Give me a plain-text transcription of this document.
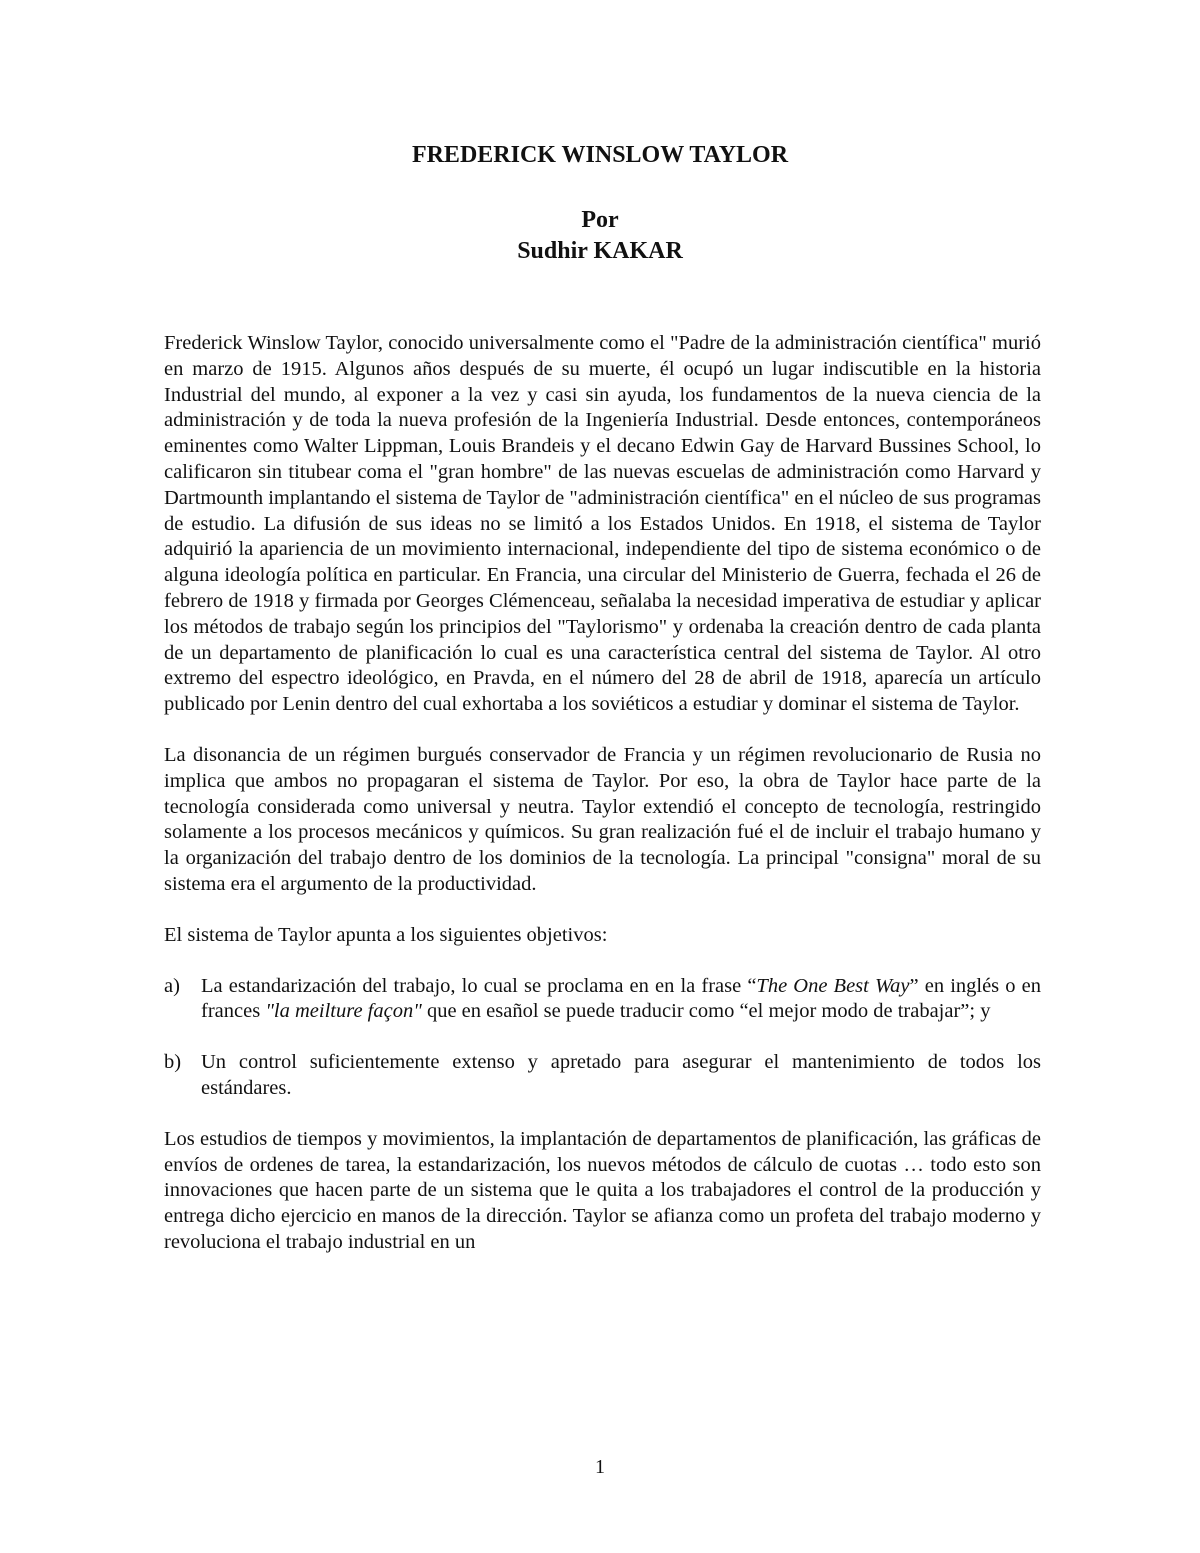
FREDERICK WINSLOW TAYLOR
Por
Sudhir KAKAR

Frederick Winslow Taylor, conocido universalmente como el "Padre de la administración científica" murió en marzo de 1915. Algunos años después de su muerte, él ocupó un lugar indiscutible en la historia Industrial del mundo, al exponer a la vez y casi sin ayuda, los fundamentos de la nueva ciencia de la administración y de toda la nueva profesión de la Ingeniería Industrial. Desde entonces, contemporáneos eminentes como Walter Lippman, Louis Brandeis y el decano Edwin Gay de Harvard Bussines School, lo calificaron sin titubear coma el "gran hombre" de las nuevas escuelas de administración como Harvard y Dartmounth implantando el sistema de Taylor de "administración científica" en el núcleo de sus programas de estudio. La difusión de sus ideas no se limitó a los Estados Unidos. En 1918, el sistema de Taylor adquirió la apariencia de un movimiento internacional, independiente del tipo de sistema económico o de alguna ideología política en particular. En Francia, una circular del Ministerio de Guerra, fechada el 26 de febrero de 1918 y firmada por Georges Clémenceau, señalaba la necesidad imperativa de estudiar y aplicar los métodos de trabajo según los principios del "Taylorismo" y ordenaba la creación dentro de cada planta de un departamento de planificación lo cual es una característica central del sistema de Taylor. Al otro extremo del espectro ideológico, en Pravda, en el número del 28 de abril de 1918, aparecía un artículo publicado por Lenin dentro del cual exhortaba a los soviéticos a estudiar y dominar el sistema de Taylor.

La disonancia de un régimen burgués conservador de Francia y un régimen revolucionario de Rusia no implica que ambos no propagaran el sistema de Taylor. Por eso, la obra de Taylor hace parte de la tecnología considerada como universal y neutra. Taylor extendió el concepto de tecnología, restringido solamente a los procesos mecánicos y químicos. Su gran realización fué el de incluir el trabajo humano y la organización del trabajo dentro de los dominios de la tecnología. La principal "consigna" moral de su sistema era el argumento de la productividad.

El sistema de Taylor apunta a los siguientes objetivos:

a)	La estandarización del trabajo, lo cual se proclama en en la frase “The One Best Way” en inglés o en frances "la meilture façon" que en esañol se puede traducir como “el mejor modo de trabajar”; y
b) Un control suficientemente extenso y apretado para asegurar el mantenimiento de todos los estándares.

Los estudios de tiempos y movimientos, la implantación de departamentos de planificación, las gráficas de envíos de ordenes de tarea, la estandarización, los nuevos métodos de cálculo de cuotas … todo esto son innovaciones que hacen parte de un sistema que le quita a los trabajadores el control de la producción y entrega dicho ejercicio en manos de la dirección. Taylor se afianza como un profeta del trabajo moderno y revoluciona el trabajo industrial en un

1
